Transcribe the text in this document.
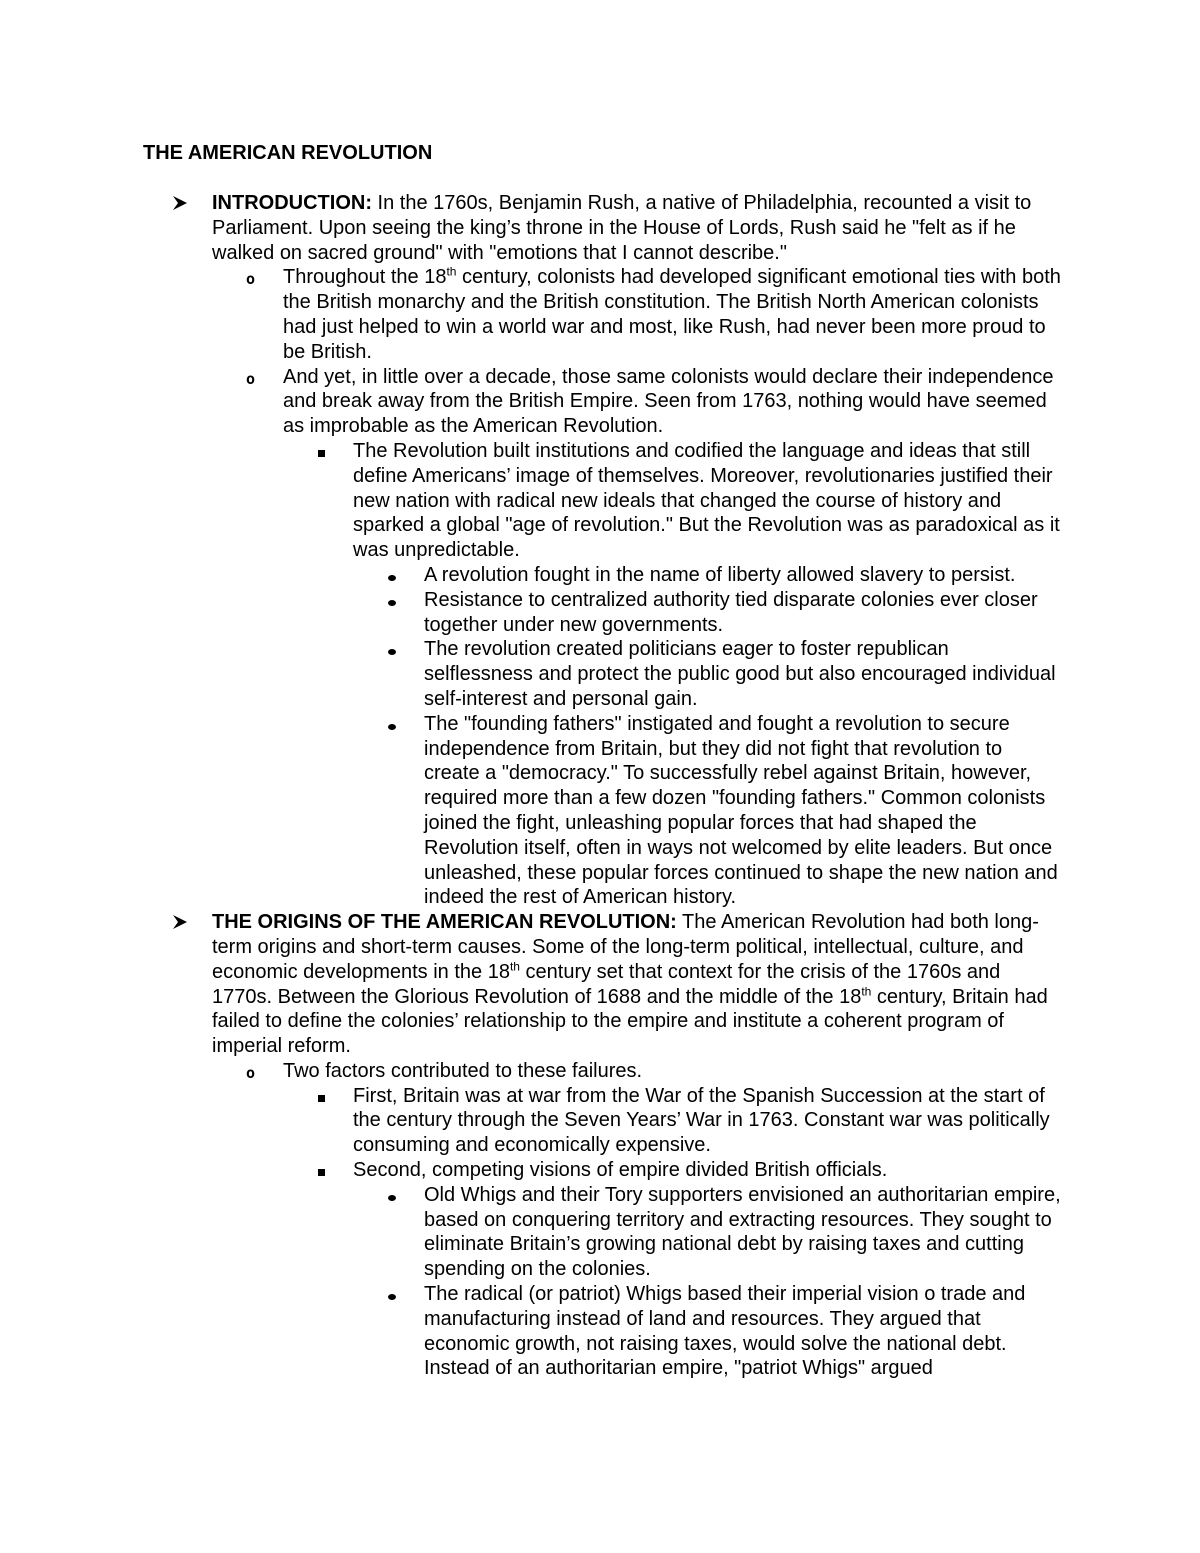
THE AMERICAN REVOLUTION
INTRODUCTION: In the 1760s, Benjamin Rush, a native of Philadelphia, recounted a visit to Parliament. Upon seeing the king’s throne in the House of Lords, Rush said he "felt as if he walked on sacred ground" with "emotions that I cannot describe."
o Throughout the 18th century, colonists had developed significant emotional ties with both the British monarchy and the British constitution. The British North American colonists had just helped to win a world war and most, like Rush, had never been more proud to be British.
o And yet, in little over a decade, those same colonists would declare their independence and break away from the British Empire. Seen from 1763, nothing would have seemed as improbable as the American Revolution.
The Revolution built institutions and codified the language and ideas that still define Americans’ image of themselves. Moreover, revolutionaries justified their new nation with radical new ideals that changed the course of history and sparked a global "age of revolution." But the Revolution was as paradoxical as it was unpredictable.
A revolution fought in the name of liberty allowed slavery to persist.
Resistance to centralized authority tied disparate colonies ever closer together under new governments.
The revolution created politicians eager to foster republican selflessness and protect the public good but also encouraged individual self-interest and personal gain.
The "founding fathers" instigated and fought a revolution to secure independence from Britain, but they did not fight that revolution to create a "democracy." To successfully rebel against Britain, however, required more than a few dozen "founding fathers." Common colonists joined the fight, unleashing popular forces that had shaped the Revolution itself, often in ways not welcomed by elite leaders. But once unleashed, these popular forces continued to shape the new nation and indeed the rest of American history.
THE ORIGINS OF THE AMERICAN REVOLUTION: The American Revolution had both long-term origins and short-term causes. Some of the long-term political, intellectual, culture, and economic developments in the 18th century set that context for the crisis of the 1760s and 1770s. Between the Glorious Revolution of 1688 and the middle of the 18th century, Britain had failed to define the colonies’ relationship to the empire and institute a coherent program of imperial reform.
o Two factors contributed to these failures.
First, Britain was at war from the War of the Spanish Succession at the start of the century through the Seven Years’ War in 1763. Constant war was politically consuming and economically expensive.
Second, competing visions of empire divided British officials.
Old Whigs and their Tory supporters envisioned an authoritarian empire, based on conquering territory and extracting resources. They sought to eliminate Britain’s growing national debt by raising taxes and cutting spending on the colonies.
The radical (or patriot) Whigs based their imperial vision o trade and manufacturing instead of land and resources. They argued that economic growth, not raising taxes, would solve the national debt. Instead of an authoritarian empire, "patriot Whigs" argued
